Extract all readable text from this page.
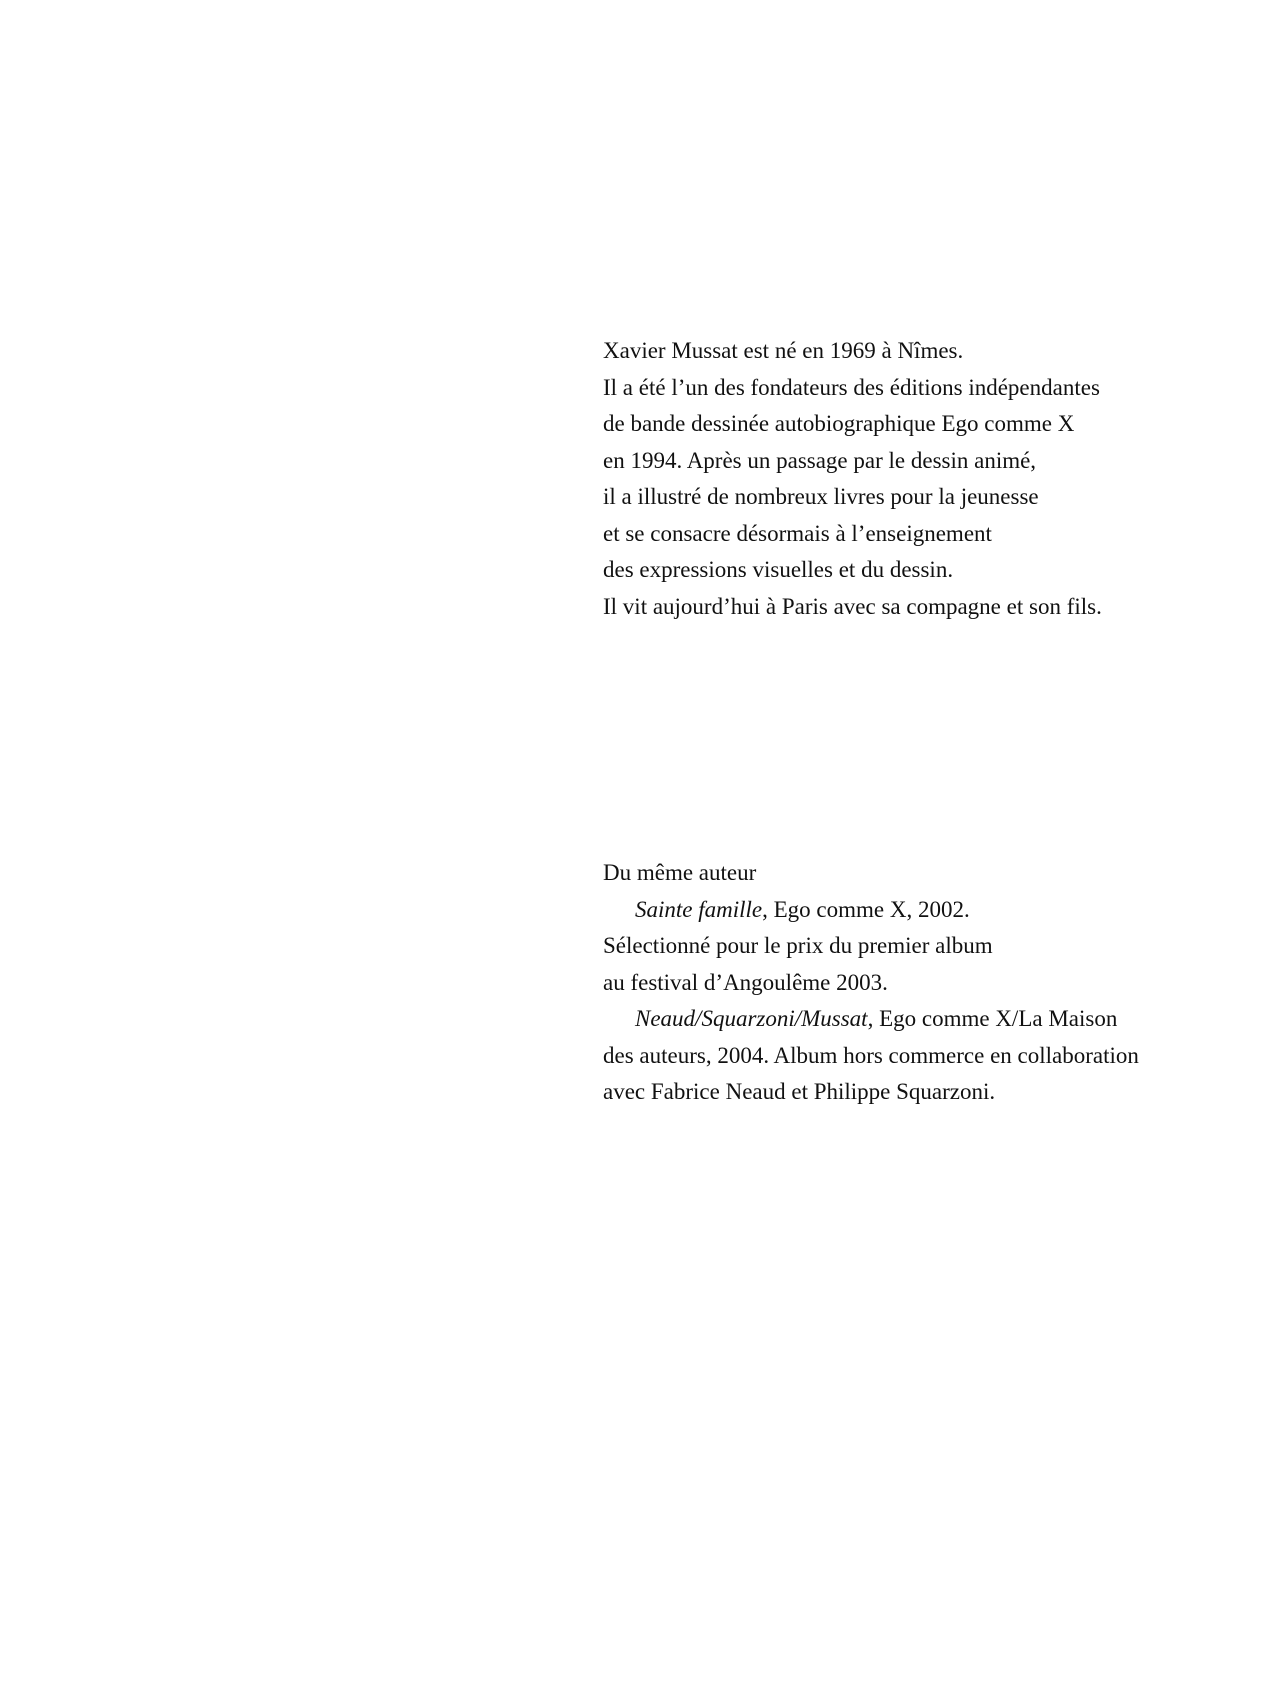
Xavier Mussat est né en 1969 à Nîmes.
Il a été l’un des fondateurs des éditions indépendantes
de bande dessinée autobiographique Ego comme X
en 1994. Après un passage par le dessin animé,
il a illustré de nombreux livres pour la jeunesse
et se consacre désormais à l’enseignement
des expressions visuelles et du dessin.
Il vit aujourd’hui à Paris avec sa compagne et son fils.
Du même auteur
Sainte famille, Ego comme X, 2002.
Sélectionné pour le prix du premier album
au festival d’Angoulême 2003.
Neaud/Squarzoni/Mussat, Ego comme X/La Maison
des auteurs, 2004. Album hors commerce en collaboration
avec Fabrice Neaud et Philippe Squarzoni.
